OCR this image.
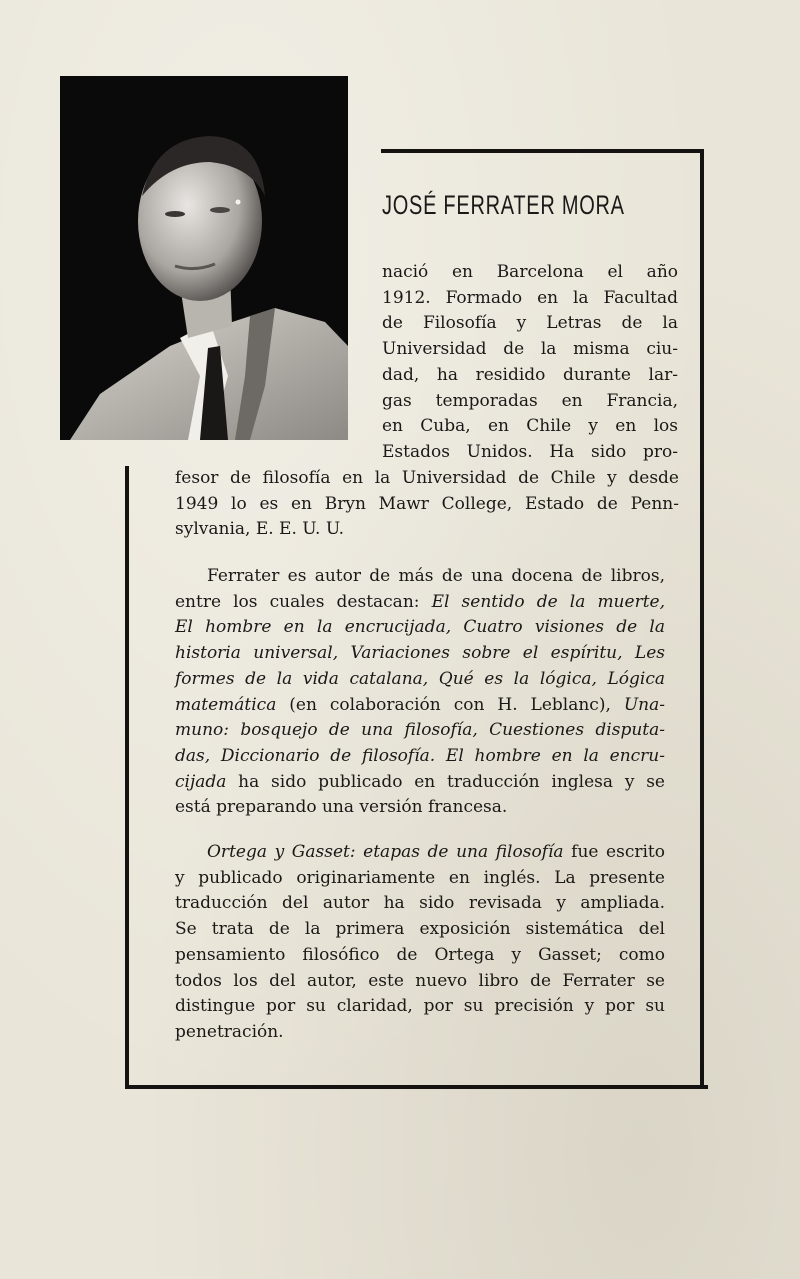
JOSÉ FERRATER MORA

nació en Barcelona el año
1912. Formado en la Facultad
de Filosofía y Letras de la
Universidad de la misma ciu-
dad, ha residido durante lar-
gas temporadas en Francia,
en Cuba, en Chile y en los
Estados Unidos. Ha sido pro-

fesor de filosofía en la Universidad de Chile y desde
1949 lo es en Bryn Mawr College, Estado de Penn-
sylvania, E. E. U. U.

Ferrater es autor de más de una docena de libros,
entre los cuales destacan: El sentido de la muerte,
El hombre en la encrucijada, Cuatro visiones de la
historia universal, Variaciones sobre el espíritu, Les
formes de la vida catalana, Qué es la lógica, Lógica
matemática (en colaboración con H. Leblanc), Una-
muno: bosquejo de una filosofía, Cuestiones disputa-
das, Diccionario de filosofía. El hombre en la encru-
cijada ha sido publicado en traducción inglesa y se
está preparando una versión francesa.

Ortega y Gasset: etapas de una filosofía fue escrito
y publicado originariamente en inglés. La presente
traducción del autor ha sido revisada y ampliada.
Se trata de la primera exposición sistemática del
pensamiento filosófico de Ortega y Gasset; como
todos los del autor, este nuevo libro de Ferrater se
distingue por su claridad, por su precisión y por su
penetración.
